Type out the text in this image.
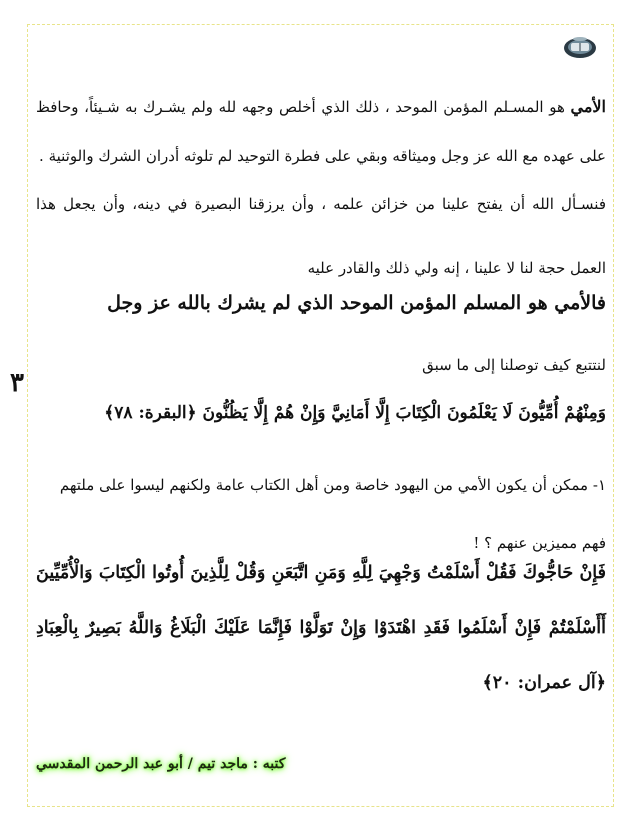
٣
الأمي هو المسـلم المؤمن الموحد ، ذلك الذي أخلص وجهه لله ولم يشـرك به شـيئاً، وحافظ على عهده مع الله عز وجل وميثاقه وبقي على فطرة التوحيد لم تلوثه أدران الشرك والوثنية .
فنسـأل الله أن يفتح علينا من خزائن علمه ، وأن يرزقنا البصيرة في دينه، وأن يجعل هذا العمل حجة لنا لا علينا ، إنه ولي ذلك والقادر عليه
فالأمي هو المسلم المؤمن الموحد الذي لم يشرك بالله عز وجل
لنتتبع كيف توصلنا إلى ما سبق
وَمِنْهُمْ أُمِّيُّونَ لَا يَعْلَمُونَ الْكِتَابَ إِلَّا أَمَانِيَّ وَإِنْ هُمْ إِلَّا يَظُنُّونَ ﴿البقرة: ٧٨﴾
١- ممكن أن يكون الأمي من اليهود خاصة ومن أهل الكتاب عامة ولكنهم ليسوا على ملتهم فهم مميزين عنهم ؟ !
فَإِنْ حَاجُّوكَ فَقُلْ أَسْلَمْتُ وَجْهِيَ لِلَّهِ وَمَنِ اتَّبَعَنِ وَقُلْ لِلَّذِينَ أُوتُوا الْكِتَابَ وَالْأُمِّيِّينَ أَأَسْلَمْتُمْ فَإِنْ أَسْلَمُوا فَقَدِ اهْتَدَوْا وَإِنْ تَوَلَّوْا فَإِنَّمَا عَلَيْكَ الْبَلَاغُ وَاللَّهُ بَصِيرٌ بِالْعِبَادِ ﴿آل عمران: ٢٠﴾
كتبه : ماجد تيم / أبو عبد الرحمن المقدسي
